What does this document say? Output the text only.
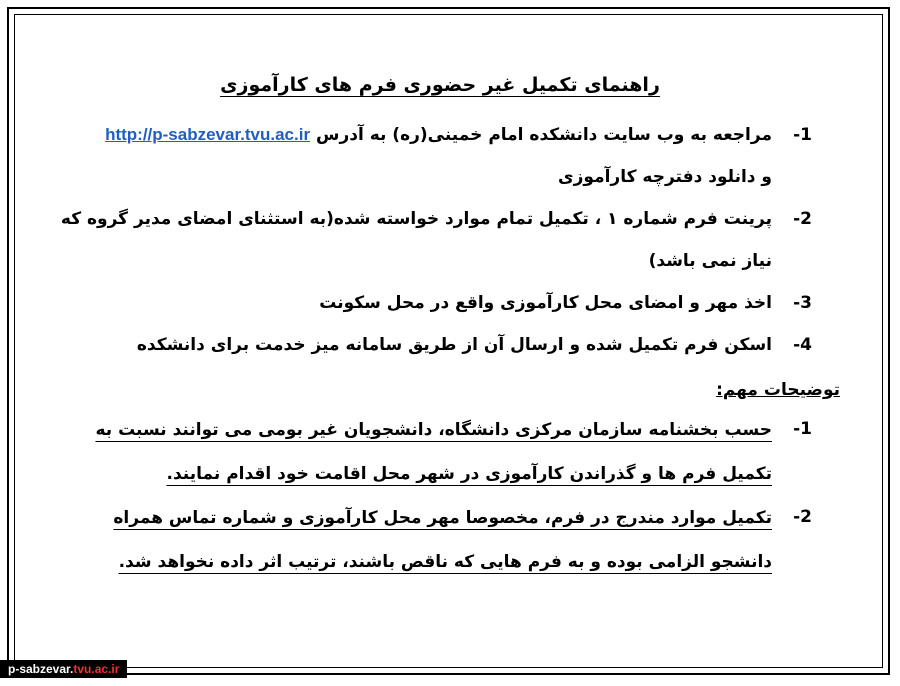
راهنمای تکمیل غیر حضوری فرم های کارآموزی
-1
مراجعه به وب سایت دانشکده امام خمینی(ره) به آدرس http://p-sabzevar.tvu.ac.ir
و دانلود دفترچه کارآموزی
-2
پرینت فرم شماره ۱ ، تکمیل تمام موارد خواسته شده(به استثنای امضای مدیر گروه که نیاز نمی باشد)
-3
اخذ مهر و امضای محل کارآموزی واقع در محل سکونت
-4
اسکن فرم تکمیل شده و ارسال آن از طریق سامانه میز خدمت برای دانشکده
توضیحات مهم:
-1
حسب بخشنامه سازمان مرکزی دانشگاه، دانشجویان غیر بومی می توانند نسبت به تکمیل فرم ها و گذراندن کارآموزی در شهر محل اقامت خود اقدام نمایند.
-2
تکمیل موارد مندرج در فرم، مخصوصا مهر محل کارآموزی و شماره تماس همراه دانشجو الزامی بوده و به فرم هایی که ناقص باشند، ترتیب اثر داده نخواهد شد.
p-sabzevar.tvu.ac.ir
